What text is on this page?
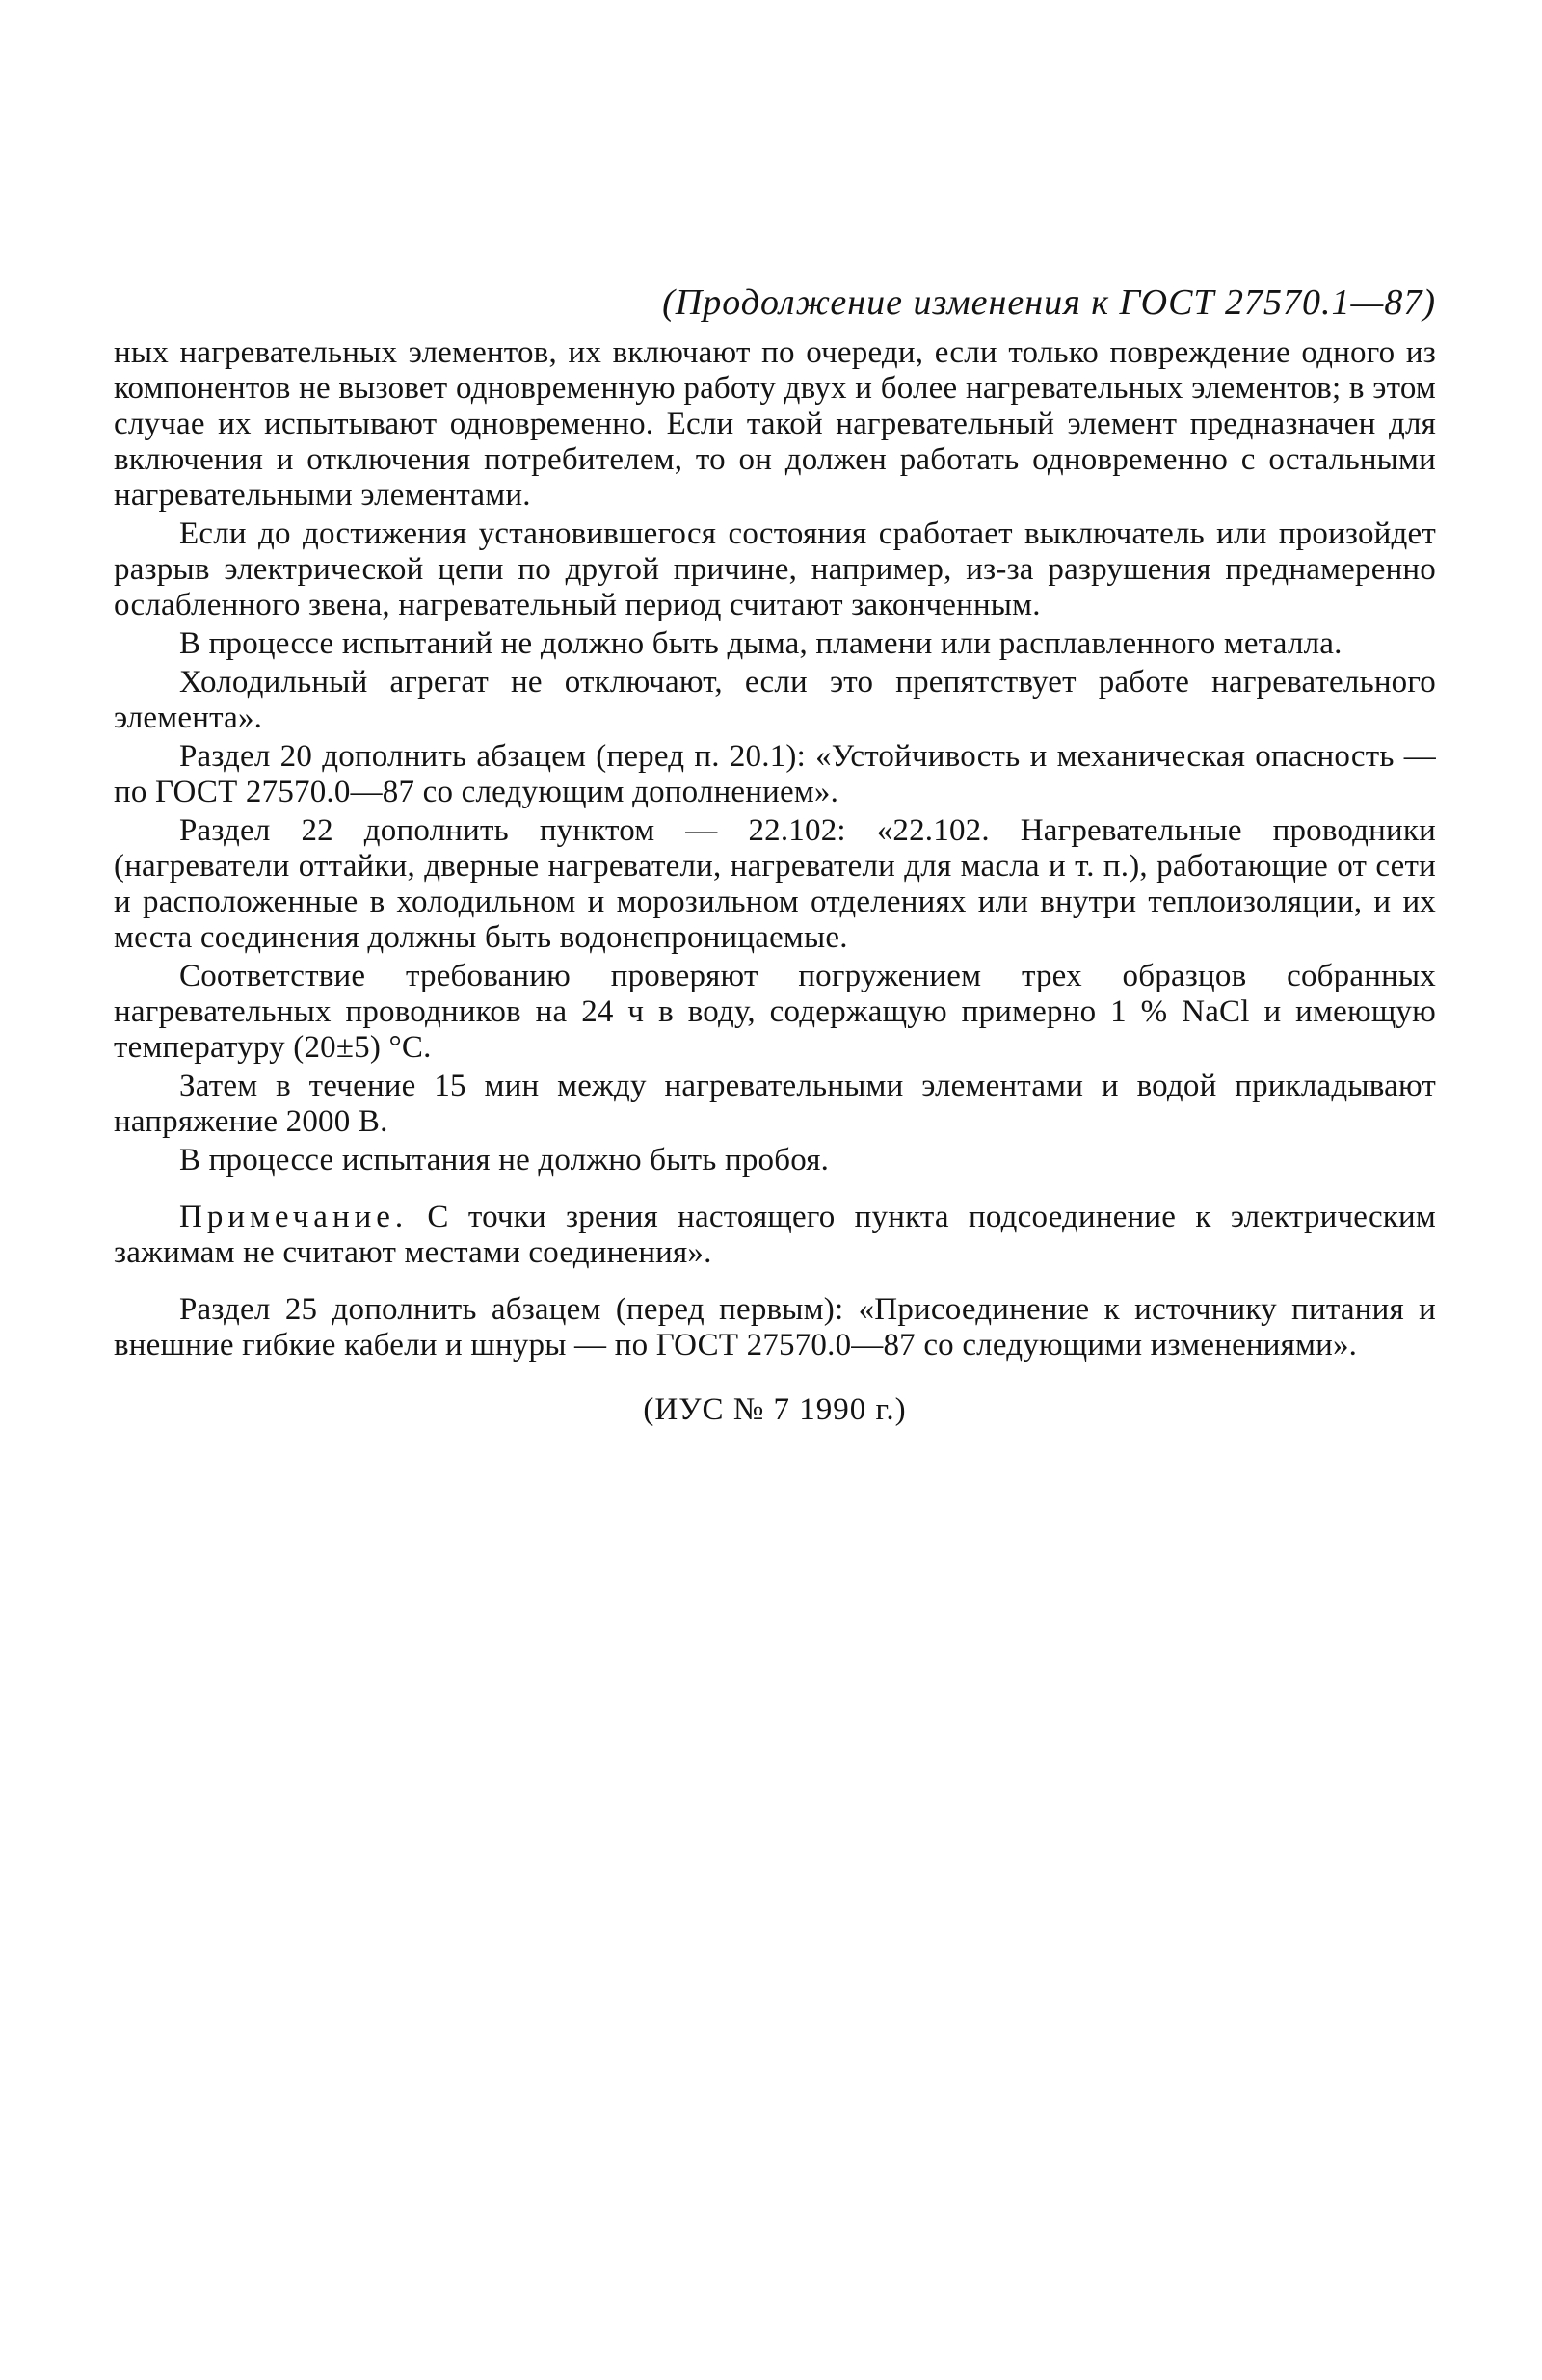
(Продолжение изменения к ГОСТ 27570.1—87)

ных нагревательных элементов, их включают по очереди, если только повреждение одного из компонентов не вызовет одновременную работу двух и более нагревательных элементов; в этом случае их испытывают одновременно. Если такой нагревательный элемент предназначен для включения и отключения потребителем, то он должен работать одновременно с остальными нагревательными элементами.

Если до достижения установившегося состояния сработает выключатель или произойдет разрыв электрической цепи по другой причине, например, из-за разрушения преднамеренно ослабленного звена, нагревательный период считают законченным.

В процессе испытаний не должно быть дыма, пламени или расплавленного металла.

Холодильный агрегат не отключают, если это препятствует работе нагревательного элемента».

Раздел 20 дополнить абзацем (перед п. 20.1): «Устойчивость и механическая опасность — по ГОСТ 27570.0—87 со следующим дополнением».

Раздел 22 дополнить пунктом — 22.102: «22.102. Нагревательные проводники (нагреватели оттайки, дверные нагреватели, нагреватели для масла и т. п.), работающие от сети и расположенные в холодильном и морозильном отделениях или внутри теплоизоляции, и их места соединения должны быть водонепроницаемые.

Соответствие требованию проверяют погружением трех образцов собранных нагревательных проводников на 24 ч в воду, содержащую примерно 1 % NaCl и имеющую температуру (20±5) °С.

Затем в течение 15 мин между нагревательными элементами и водой прикладывают напряжение 2000 В.

В процессе испытания не должно быть пробоя.

Примечание. С точки зрения настоящего пункта подсоединение к электрическим зажимам не считают местами соединения».

Раздел 25 дополнить абзацем (перед первым): «Присоединение к источнику питания и внешние гибкие кабели и шнуры — по ГОСТ 27570.0—87 со следующими изменениями».

(ИУС № 7 1990 г.)
